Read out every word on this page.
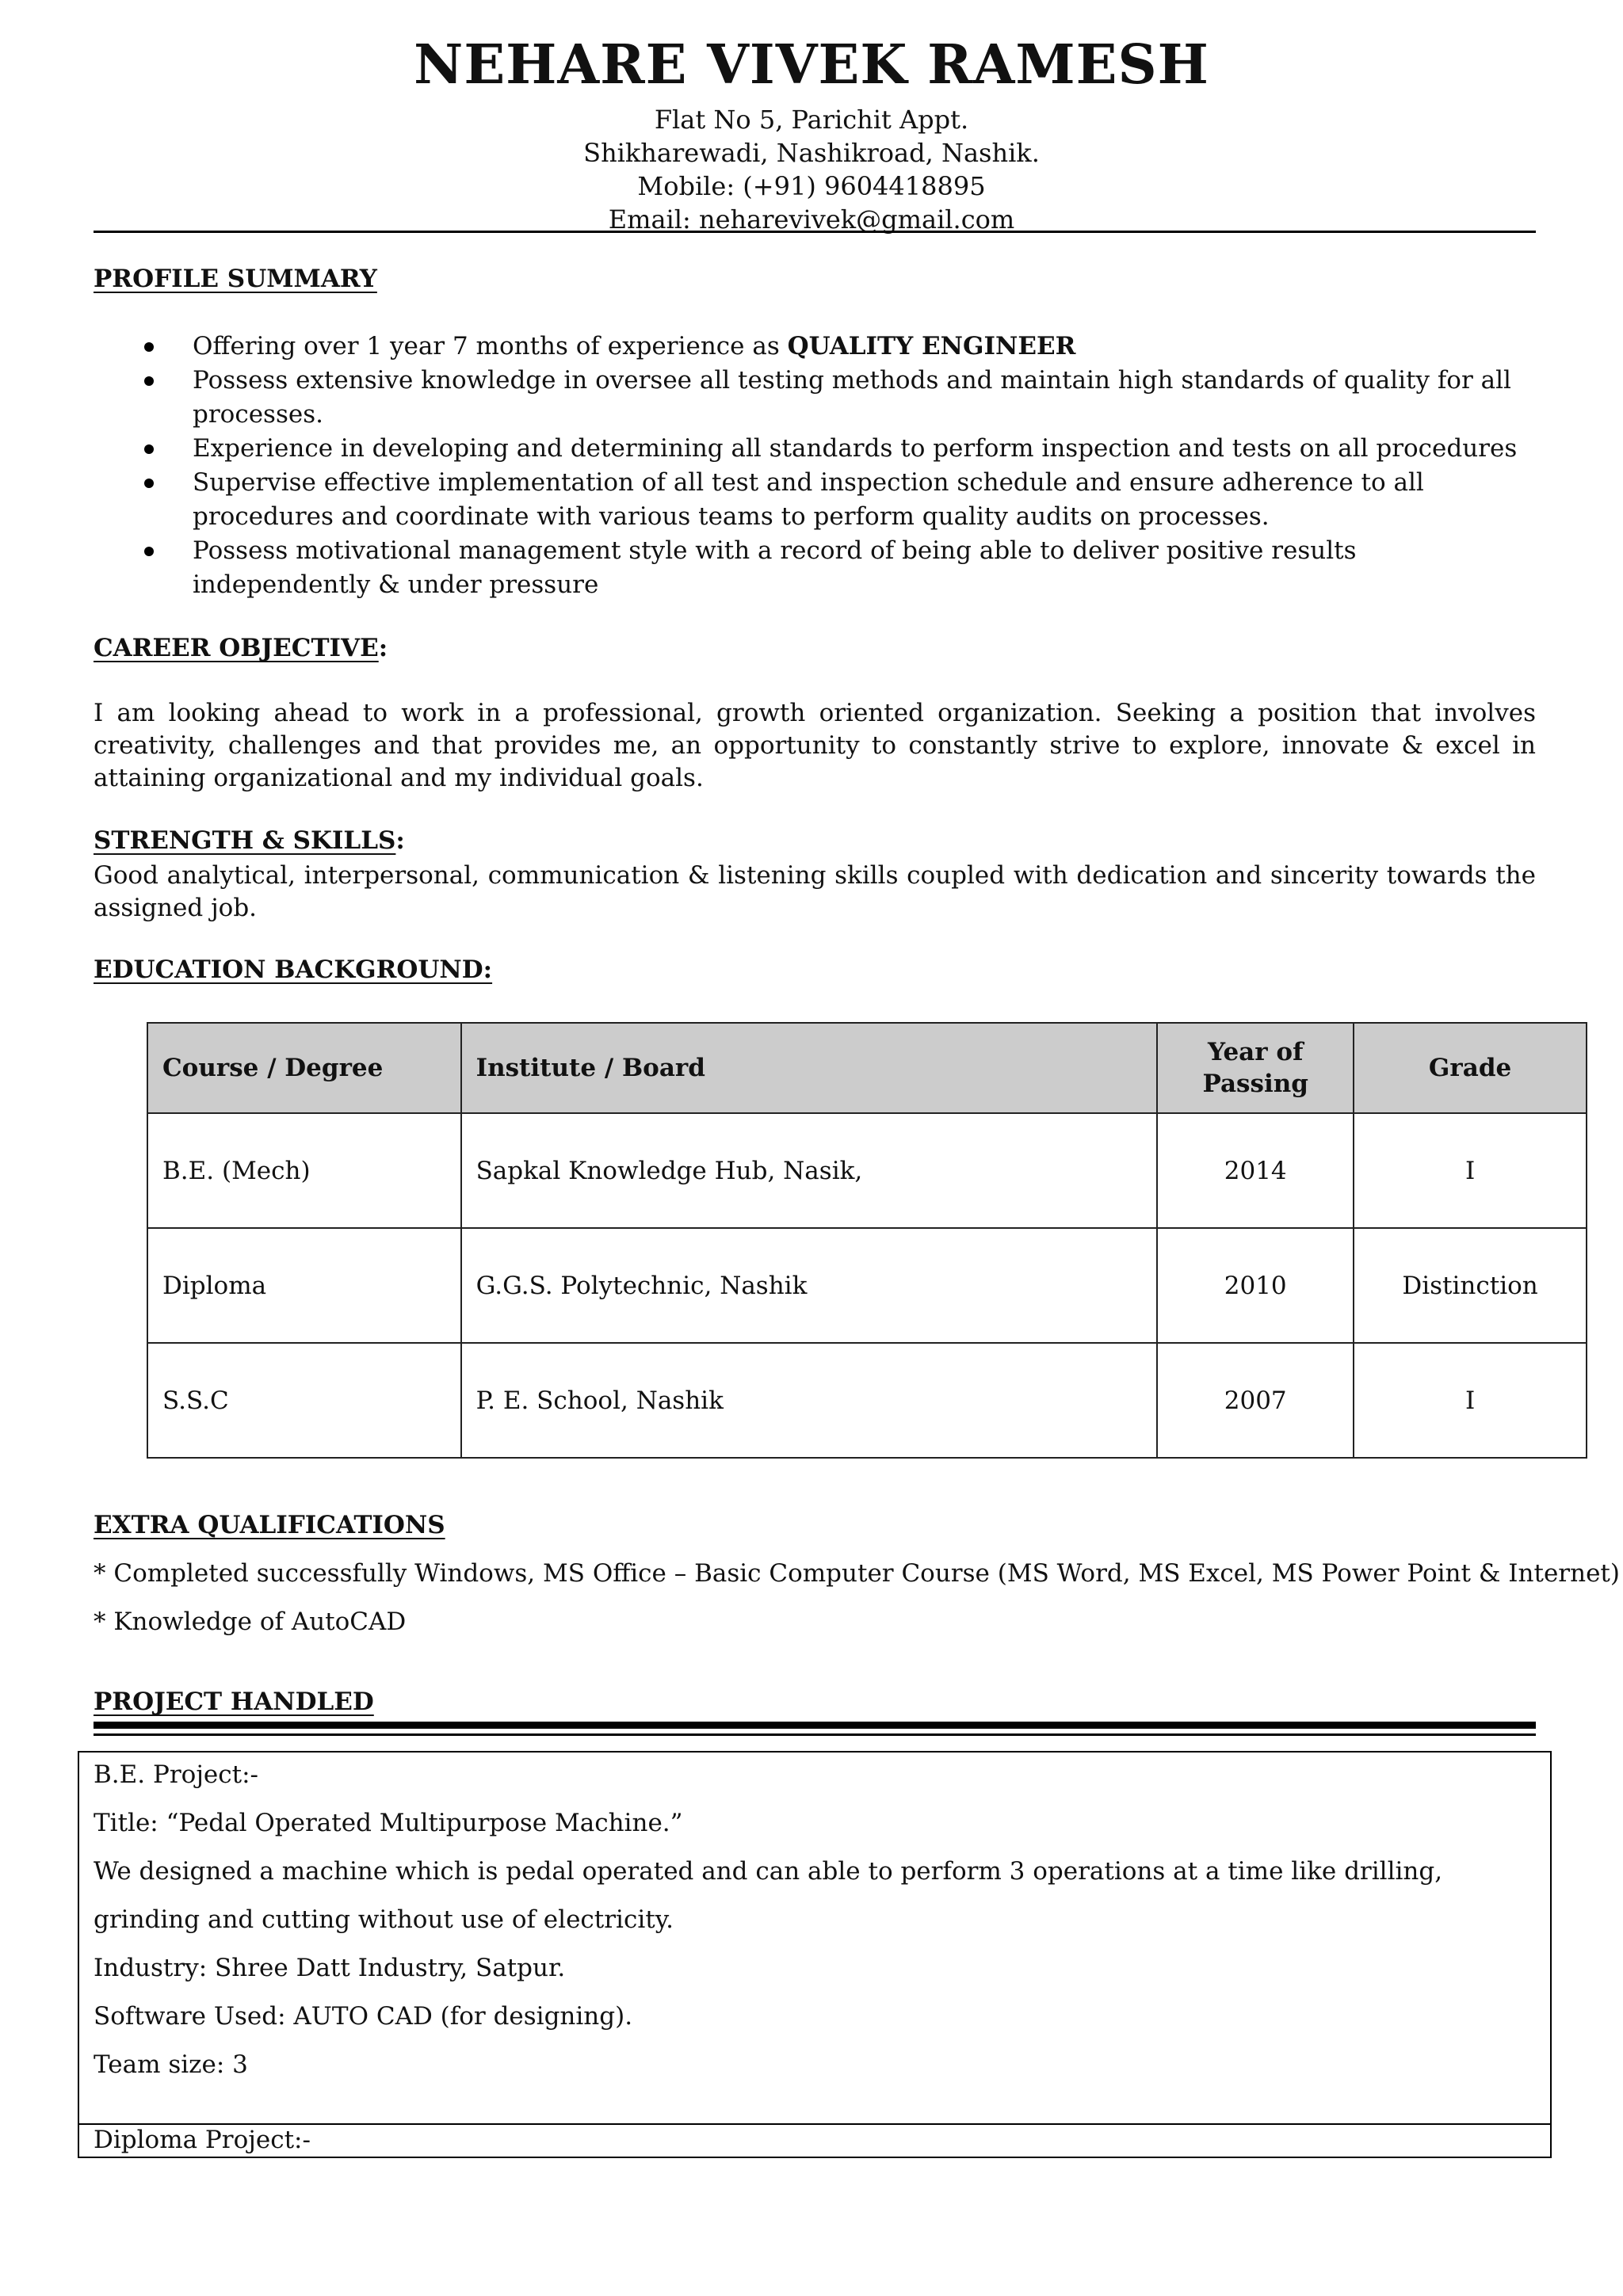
NEHARE VIVEK RAMESH
Flat No 5, Parichit Appt.
Shikharewadi, Nashikroad, Nashik.
Mobile: (+91) 9604418895
Email: neharevivek@gmail.com
PROFILE SUMMARY

Offering over 1 year 7 months of experience as QUALITY ENGINEER

Possess extensive knowledge in oversee all testing methods and maintain high standards of quality for all processes.

Experience in developing and determining all standards to perform inspection and tests on all procedures

Supervise effective implementation of all test and inspection schedule and ensure adherence to all procedures and coordinate with various teams to perform quality audits on processes.

Possess motivational management style with a record of being able to deliver positive results independently & under pressure

CAREER OBJECTIVE:
I am looking ahead to work in a professional, growth oriented organization. Seeking a position that involves creativity, challenges and that provides me, an opportunity to constantly strive to explore, innovate & excel in attaining organizational and my individual goals.
STRENGTH & SKILLS:
Good analytical, interpersonal, communication & listening skills coupled with dedication and sincerity towards the assigned job.
EDUCATION BACKGROUND:
Course / Degree	Institute / Board	Year of Passing	Grade
B.E. (Mech)	Sapkal Knowledge Hub, Nasik,	2014	I
Diploma	G.G.S. Polytechnic, Nashik	2010	Distinction
S.S.C	P. E. School, Nashik	2007	I
EXTRA QUALIFICATIONS
* Completed successfully Windows, MS Office – Basic Computer Course (MS Word, MS Excel, MS Power Point & Internet)
* Knowledge of AutoCAD
PROJECT HANDLED
B.E. Project:-
Title: “Pedal Operated Multipurpose Machine.”
We designed a machine which is pedal operated and can able to perform 3 operations at a time like drilling, grinding and cutting without use of electricity.
Industry: Shree Datt Industry, Satpur.
Software Used: AUTO CAD (for designing).
Team size: 3
Diploma Project:-
